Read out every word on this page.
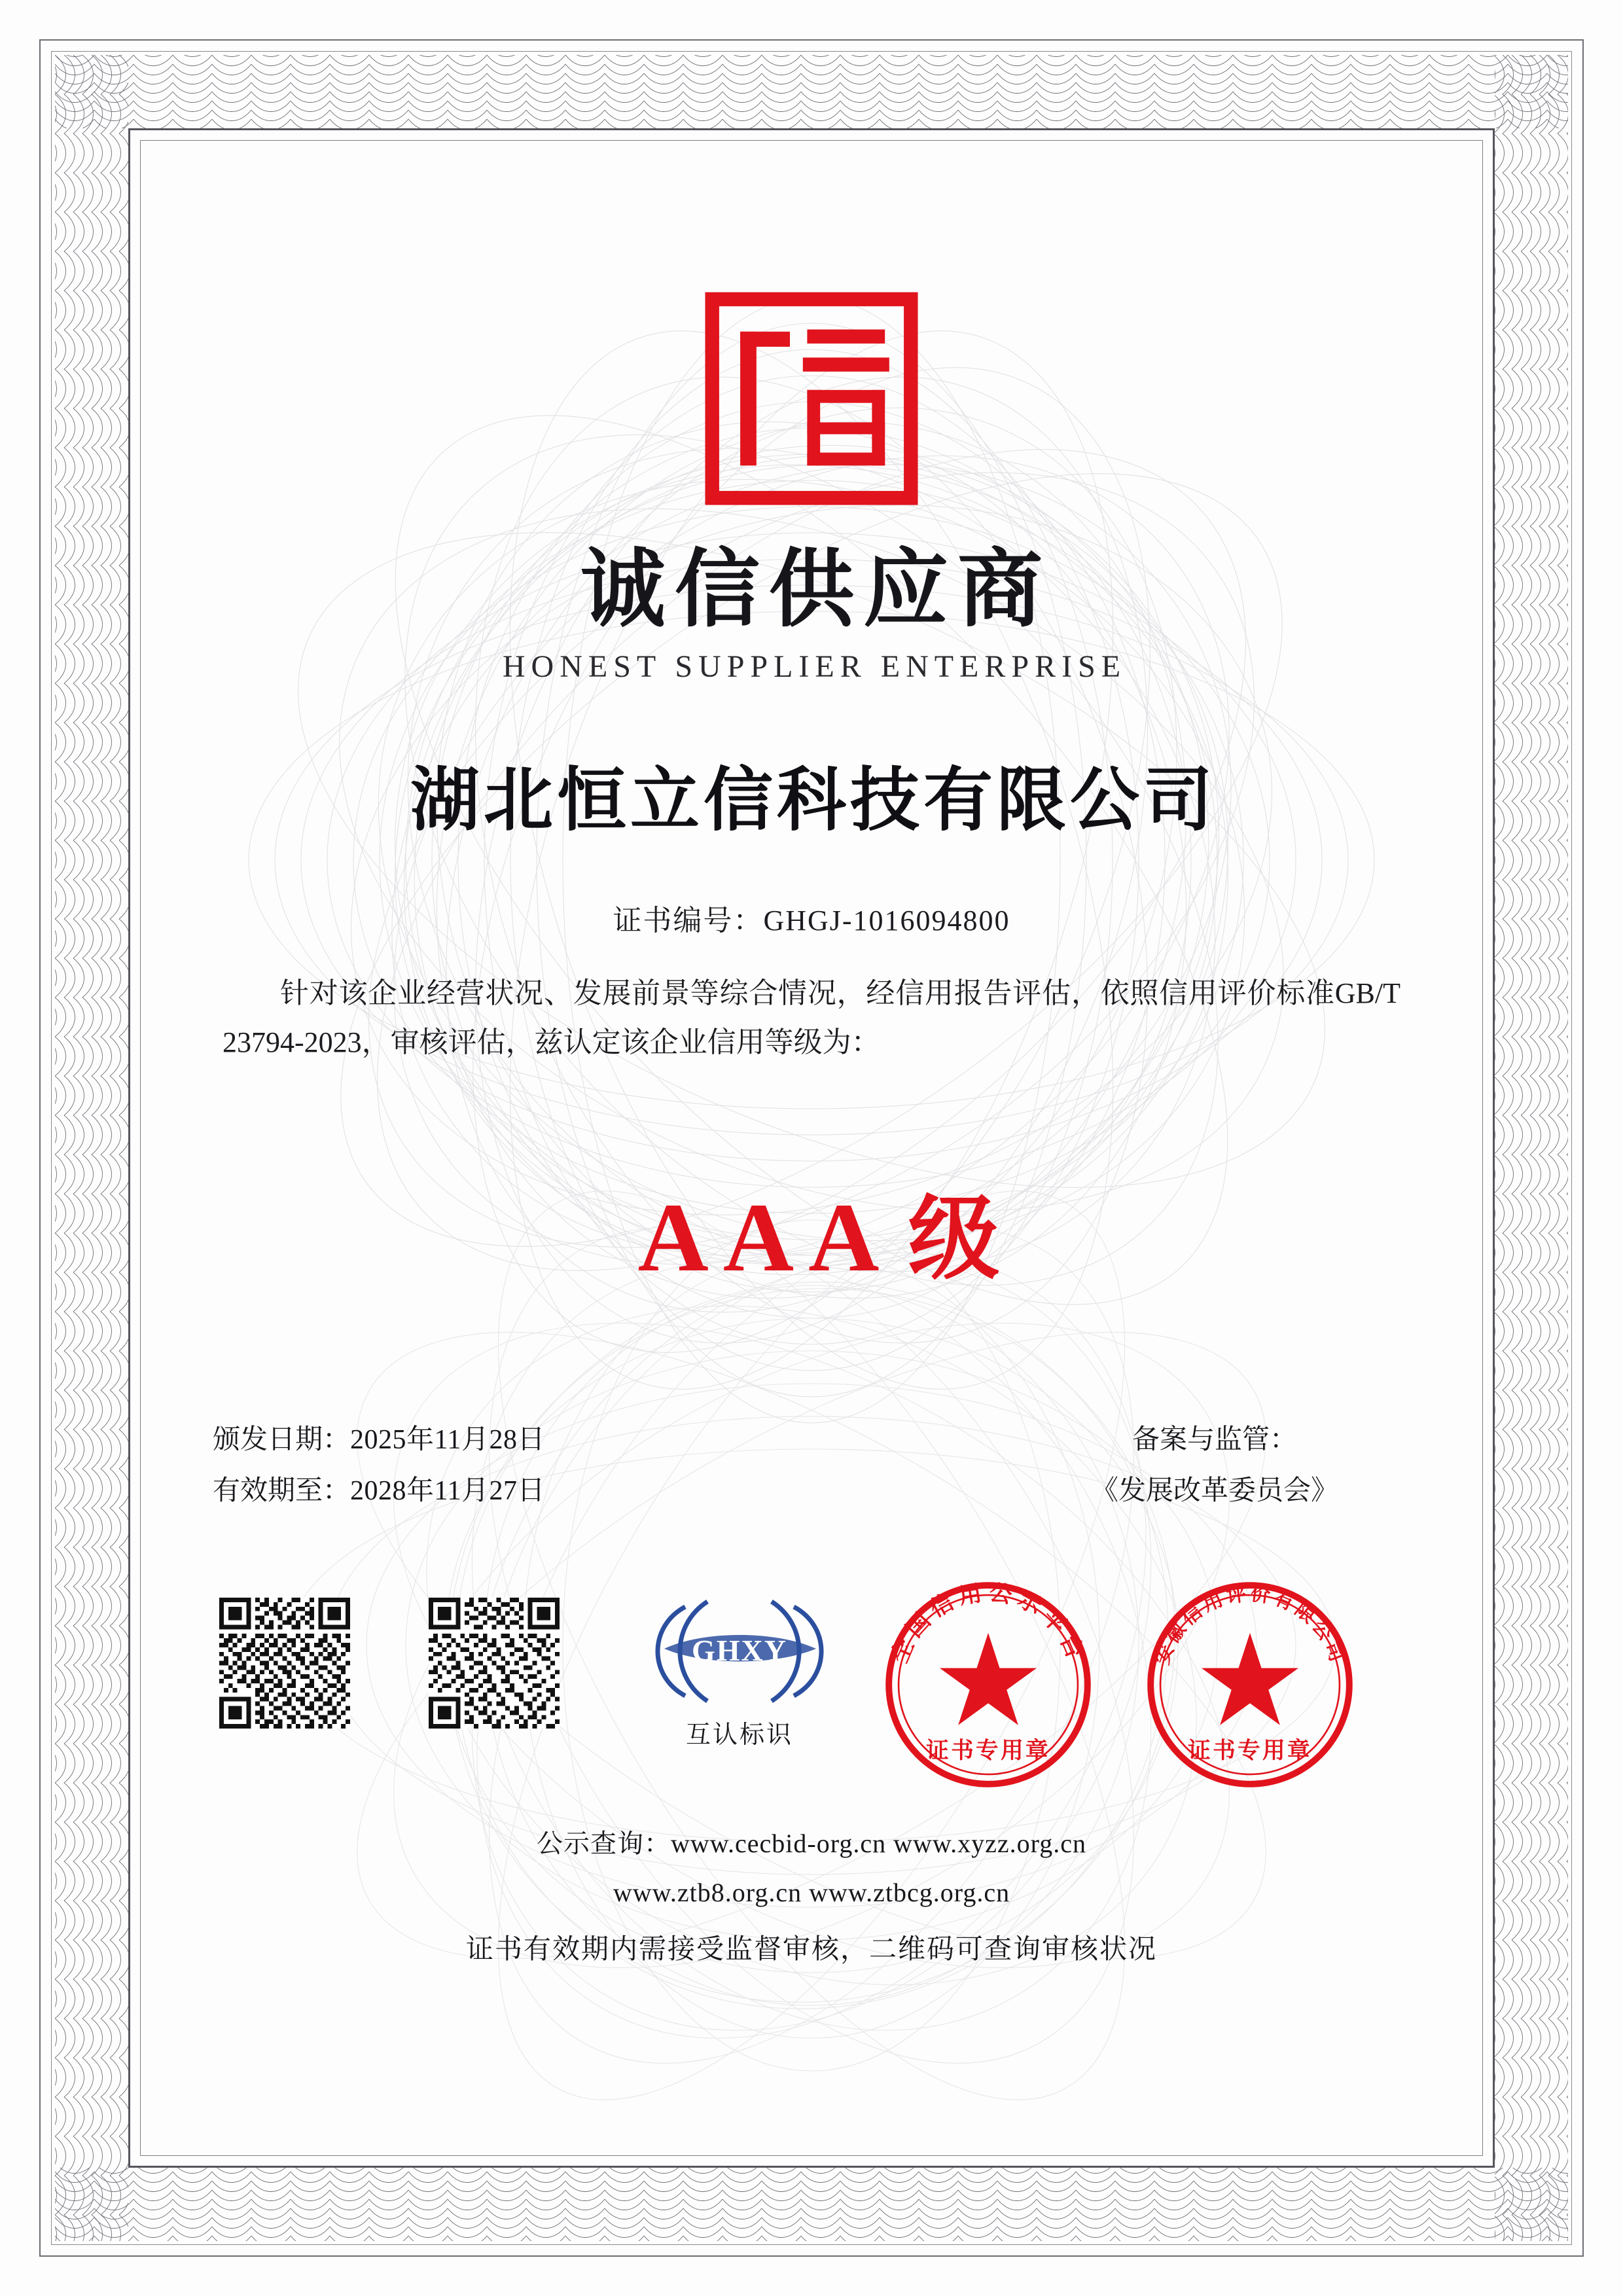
诚信供应商
HONEST SUPPLIER ENTERPRISE
湖北恒立信科技有限公司
证书编号：GHGJ-1016094800
针对该企业经营状况、发展前景等综合情况，经信用报告评估，依照信用评价标准GB/T 23794-2023，审核评估，兹认定该企业信用等级为：
AAA 级
颁发日期：2025年11月28日
有效期至：2028年11月27日
备案与监管：
《发展改革委员会》
GHXY
互认标识
全国信用公示平台
证书专用章
安徽信用评价有限公司
证书专用章
公示查询：www.cecbid-org.cn www.xyzz.org.cn
www.ztb8.org.cn www.ztbcg.org.cn
证书有效期内需接受监督审核，二维码可查询审核状况
